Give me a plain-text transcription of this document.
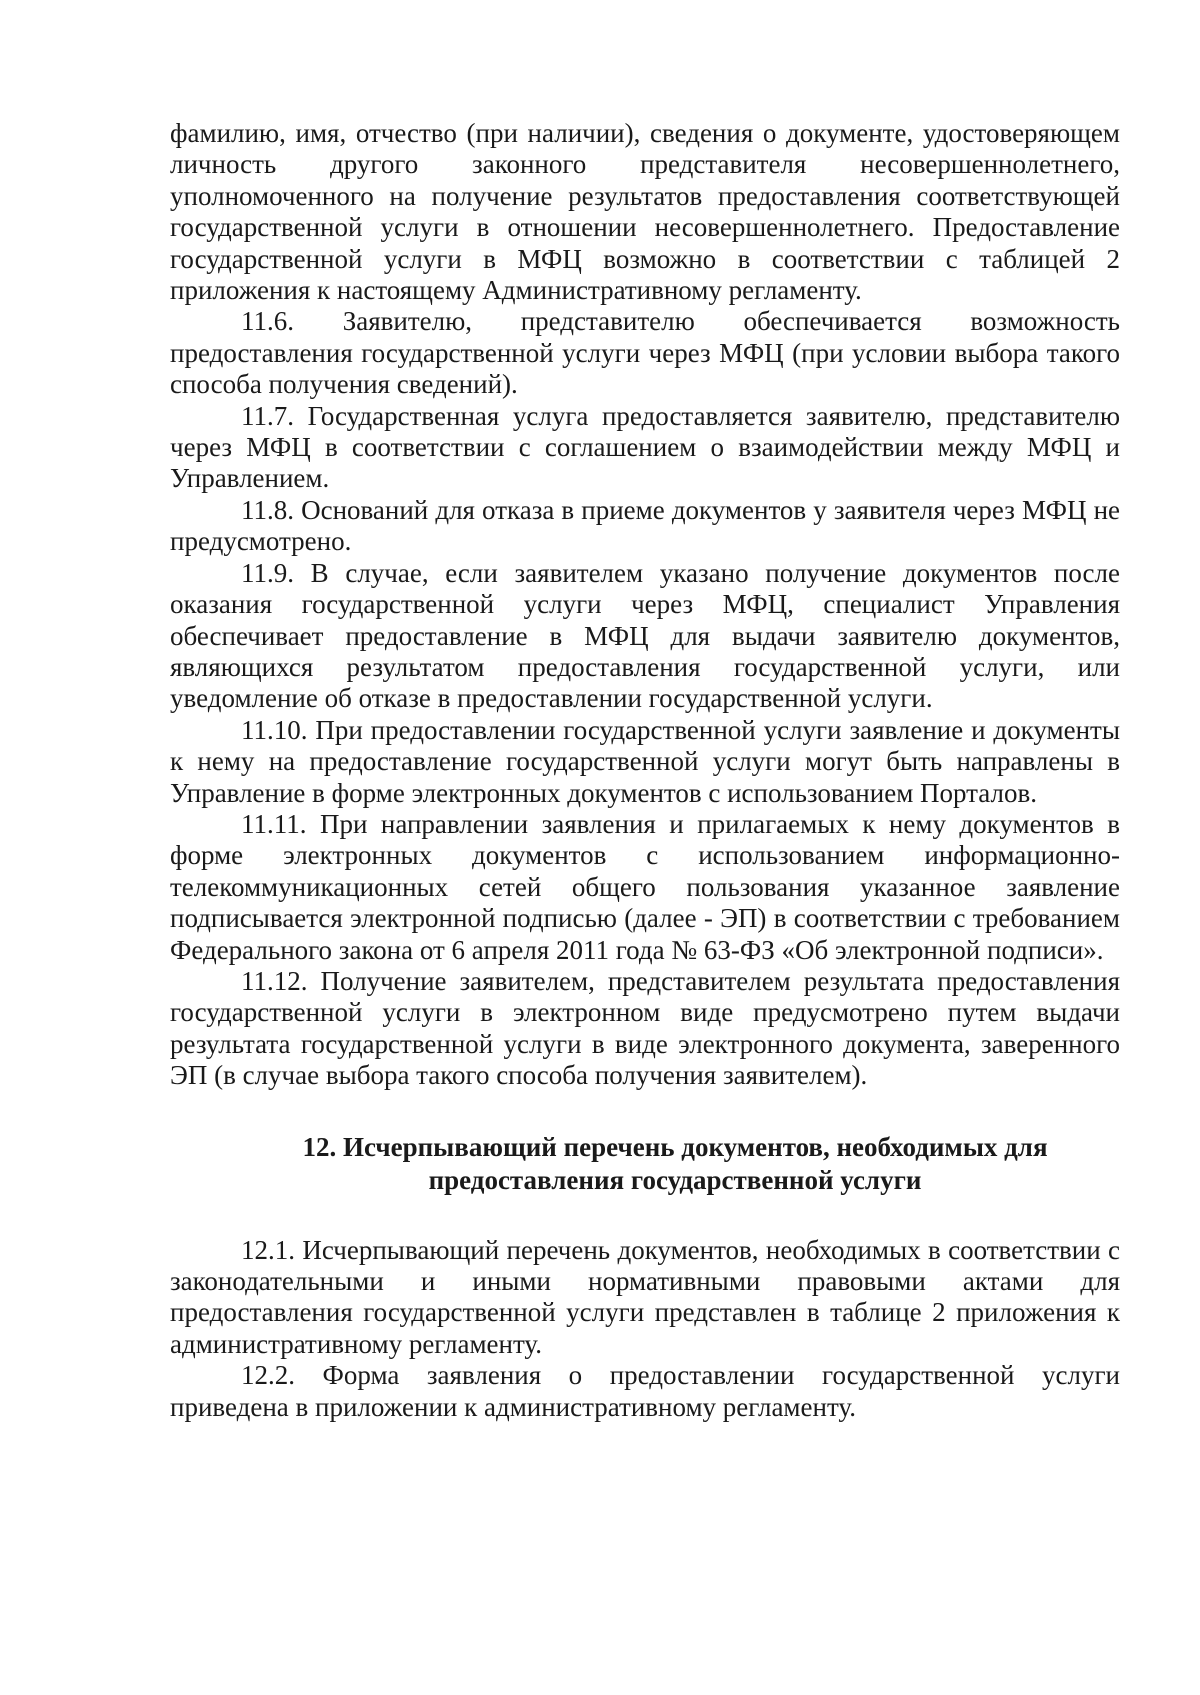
фамилию, имя, отчество (при наличии), сведения о документе, удостоверяющем личность другого законного представителя несовершеннолетнего, уполномоченного на получение результатов предоставления соответствующей государственной услуги в отношении несовершеннолетнего. Предоставление государственной услуги в МФЦ возможно в соответствии с таблицей 2 приложения к настоящему Административному регламенту.

11.6. Заявителю, представителю обеспечивается возможность предоставления государственной услуги через МФЦ (при условии выбора такого способа получения сведений).

11.7. Государственная услуга предоставляется заявителю, представителю через МФЦ в соответствии с соглашением о взаимодействии между МФЦ и Управлением.

11.8. Оснований для отказа в приеме документов у заявителя через МФЦ не предусмотрено.

11.9. В случае, если заявителем указано получение документов после оказания государственной услуги через МФЦ, специалист Управления обеспечивает предоставление в МФЦ для выдачи заявителю документов, являющихся результатом предоставления государственной услуги, или уведомление об отказе в предоставлении государственной услуги.

11.10. При предоставлении государственной услуги заявление и документы к нему на предоставление государственной услуги могут быть направлены в Управление в форме электронных документов с использованием Порталов.

11.11. При направлении заявления и прилагаемых к нему документов в форме электронных документов с использованием информационно-телекоммуникационных сетей общего пользования указанное заявление подписывается электронной подписью (далее - ЭП) в соответствии с требованием Федерального закона от 6 апреля 2011 года № 63-ФЗ «Об электронной подписи».

11.12. Получение заявителем, представителем результата предоставления государственной услуги в электронном виде предусмотрено путем выдачи результата государственной услуги в виде электронного документа, заверенного ЭП (в случае выбора такого способа получения заявителем).

12. Исчерпывающий перечень документов, необходимых для
предоставления государственной услуги

12.1. Исчерпывающий перечень документов, необходимых в соответствии с законодательными и иными нормативными правовыми актами для предоставления государственной услуги представлен в таблице 2 приложения к административному регламенту.

12.2. Форма заявления о предоставлении государственной услуги приведена в приложении к административному регламенту.
